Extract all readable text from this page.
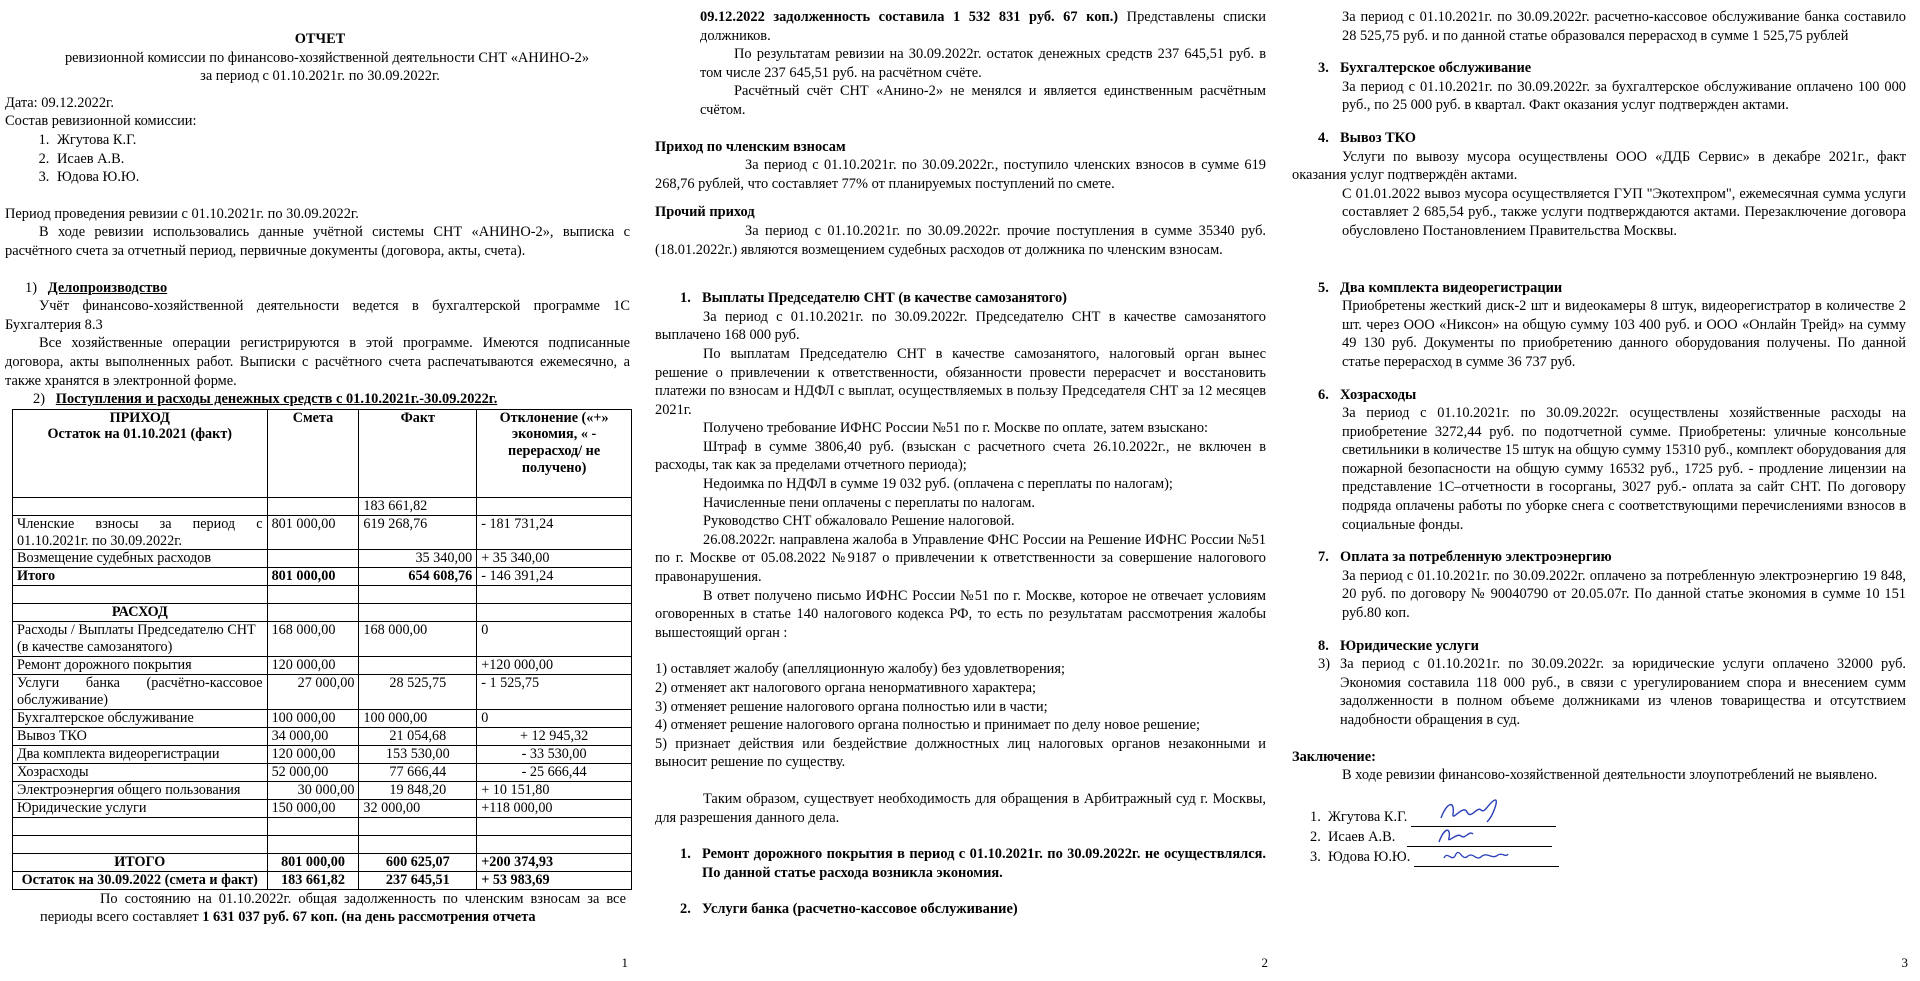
ОТЧЕТ
ревизионной комиссии по финансово-хозяйственной деятельности СНТ «АНИНО-2»
за период с 01.10.2021г. по 30.09.2022г.
Дата: 09.12.2022г.
Состав ревизионной комиссии:
1. Жгутова К.Г.
2. Исаев А.В.
3. Юдова Ю.Ю.
Период проведения ревизии с 01.10.2021г. по 30.09.2022г.
В ходе ревизии использовались данные учётной системы СНТ «АНИНО-2», выписка с расчётного счета за отчетный период, первичные документы (договора, акты, счета).
1) Делопроизводство
Учёт финансово-хозяйственной деятельности ведется в бухгалтерской программе 1С Бухгалтерия 8.3
Все хозяйственные операции регистрируются в этой программе. Имеются подписанные договора, акты выполненных работ. Выписки с расчётного счета распечатываются ежемесячно, а также хранятся в электронной форме.
2) Поступления и расходы денежных средств с 01.10.2021г.-30.09.2022г.
ПРИХОД
Остаток на 01.10.2021 (факт)	Смета	Факт	Отклонение («+» экономия, « - перерасход/ не получено)

		183 661,82	
Членские взносы за период с 01.10.2021г. по 30.09.2022г.	801 000,00	619 268,76	- 181 731,24
Возмещение судебных расходов		35 340,00	+ 35 340,00
Итого	801 000,00	654 608,76	- 146 391,24

РАСХОД			
Расходы / Выплаты Председателю СНТ (в качестве самозанятого)	168 000,00	168 000,00	0
Ремонт дорожного покрытия	120 000,00		+120 000,00
Услуги банка (расчётно-кассовое обслуживание)	27 000,00	28 525,75	- 1 525,75
Бухгалтерское обслуживание	100 000,00	100 000,00	0
Вывоз ТКО	34 000,00	21 054,68	+ 12 945,32
Два комплекта видеорегистрации	120 000,00	153 530,00	- 33 530,00
Хозрасходы	52 000,00	77 666,44	- 25 666,44
Электроэнергия общего пользования	30 000,00	19 848,20	+ 10 151,80
Юридические услуги	150 000,00	32 000,00	+118 000,00

ИТОГО	801 000,00	600 625,07	+200 374,93
Остаток на 30.09.2022 (смета и факт)	183 661,82	237 645,51	+ 53 983,69
По состоянию на 01.10.2022г. общая задолженность по членским взносам за все периоды всего составляет 1 631 037 руб. 67 коп. (на день рассмотрения отчета
1
09.12.2022 задолженность составила 1 532 831 руб. 67 коп.) Представлены списки должников.
По результатам ревизии на 30.09.2022г. остаток денежных средств 237 645,51 руб. в том числе 237 645,51 руб. на расчётном счёте.
Расчётный счёт СНТ «Анино-2» не менялся и является единственным расчётным счётом.
Приход по членским взносам
За период с 01.10.2021г. по 30.09.2022г., поступило членских взносов в сумме 619 268,76 рублей, что составляет 77% от планируемых поступлений по смете.
Прочий приход
За период с 01.10.2021г. по 30.09.2022г. прочие поступления в сумме 35340 руб. (18.01.2022г.) являются возмещением судебных расходов от должника по членским взносам.
1. Выплаты Председателю СНТ (в качестве самозанятого)
За период с 01.10.2021г. по 30.09.2022г. Председателю СНТ в качестве самозанятого выплачено 168 000 руб.
По выплатам Председателю СНТ в качестве самозанятого, налоговый орган вынес решение о привлечении к ответственности, обязанности провести перерасчет и восстановить платежи по взносам и НДФЛ с выплат, осуществляемых в пользу Председателя СНТ за 12 месяцев 2021г.
Получено требование ИФНС России №51 по г. Москве по оплате, затем взыскано:
Штраф в сумме 3806,40 руб. (взыскан с расчетного счета 26.10.2022г., не включен в расходы, так как за пределами отчетного периода);
Недоимка по НДФЛ в сумме 19 032 руб. (оплачена с переплаты по налогам);
Начисленные пени оплачены с переплаты по налогам.
Руководство СНТ обжаловало Решение налоговой.
26.08.2022г. направлена жалоба в Управление ФНС России на Решение ИФНС России №51 по г. Москве от 05.08.2022 №9187 о привлечении к ответственности за совершение налогового правонарушения.
В ответ получено письмо ИФНС России №51 по г. Москве, которое не отвечает условиям оговоренных в статье 140 налогового кодекса РФ, то есть по результатам рассмотрения жалобы вышестоящий орган :
1) оставляет жалобу (апелляционную жалобу) без удовлетворения;
2) отменяет акт налогового органа ненормативного характера;
3) отменяет решение налогового органа полностью или в части;
4) отменяет решение налогового органа полностью и принимает по делу новое решение;
5) признает действия или бездействие должностных лиц налоговых органов незаконными и выносит решение по существу.
Таким образом, существует необходимость для обращения в Арбитражный суд г. Москвы, для разрешения данного дела.
1. Ремонт дорожного покрытия в период с 01.10.2021г. по 30.09.2022г. не осуществлялся. По данной статье расхода возникла экономия.
2. Услуги банка (расчетно-кассовое обслуживание)
2
За период с 01.10.2021г. по 30.09.2022г. расчетно-кассовое обслуживание банка составило 28 525,75 руб. и по данной статье образовался перерасход в сумме 1 525,75 рублей
3. Бухгалтерское обслуживание
За период с 01.10.2021г. по 30.09.2022г. за бухгалтерское обслуживание оплачено 100 000 руб., по 25 000 руб. в квартал. Факт оказания услуг подтвержден актами.
4. Вывоз ТКО
Услуги по вывозу мусора осуществлены ООО «ДДБ Сервис» в декабре 2021г., факт оказания услуг подтверждён актами.
С 01.01.2022 вывоз мусора осуществляется ГУП "Экотехпром", ежемесячная сумма услуги составляет 2 685,54 руб., также услуги подтверждаются актами. Перезаключение договора обусловлено Постановлением Правительства Москвы.
5. Два комплекта видеорегистрации
Приобретены жесткий диск-2 шт и видеокамеры 8 штук, видеорегистратор в количестве 2 шт. через ООО «Никсон» на общую сумму 103 400 руб. и ООО «Онлайн Трейд» на сумму 49 130 руб. Документы по приобретению данного оборудования получены. По данной статье перерасход в сумме 36 737 руб.
6. Хозрасходы
За период с 01.10.2021г. по 30.09.2022г. осуществлены хозяйственные расходы на приобретение 3272,44 руб. по подотчетной сумме. Приобретены: уличные консольные светильники в количестве 15 штук на общую сумму 15310 руб., комплект оборудования для пожарной безопасности на общую сумму 16532 руб., 1725 руб. - продление лицензии на представление 1С–отчетности в госорганы, 3027 руб.- оплата за сайт СНТ. По договору подряда оплачены работы по уборке снега с соответствующими перечислениями взносов в социальные фонды.
7. Оплата за потребленную электроэнергию
За период с 01.10.2021г. по 30.09.2022г. оплачено за потребленную электроэнергию 19 848, 20 руб. по договору № 90040790 от 20.05.07г. По данной статье экономия в сумме 10 151 руб.80 коп.
8. Юридические услуги
3) За период с 01.10.2021г. по 30.09.2022г. за юридические услуги оплачено 32000 руб. Экономия составила 118 000 руб., в связи с урегулированием спора и внесением сумм задолженности в полном объеме должниками из членов товарищества и отсутствием надобности обращения в суд.
Заключение:
В ходе ревизии финансово-хозяйственной деятельности злоупотреблений не выявлено.
1. Жгутова К.Г.
2. Исаев А.В.
3. Юдова Ю.Ю.
3
